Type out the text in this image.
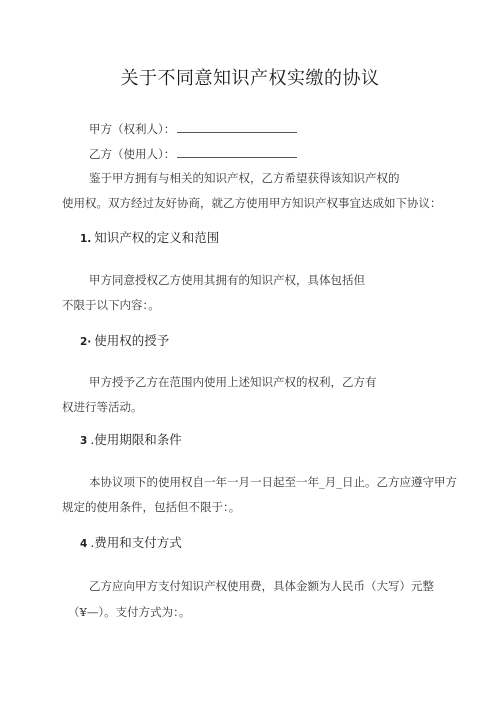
关于不同意知识产权实缴的协议
甲方（权利人）：
乙方（使用人）：
鉴于甲方拥有与相关的知识产权，乙方希望获得该知识产权的
使用权。双方经过友好协商，就乙方使用甲方知识产权事宜达成如下协议：
1. 知识产权的定义和范围
甲方同意授权乙方使用其拥有的知识产权，具体包括但
不限于以下内容：。
2· 使用权的授予
甲方授予乙方在范围内使用上述知识产权的权利，乙方有
权进行等活动。
3 .使用期限和条件
本协议项下的使用权自一年一月一日起至一年_月_日止。乙方应遵守甲方
规定的使用条件，包括但不限于：。
4 .费用和支付方式
乙方应向甲方支付知识产权使用费，具体金额为人民币（大写）元整
（¥—）。支付方式为：。
